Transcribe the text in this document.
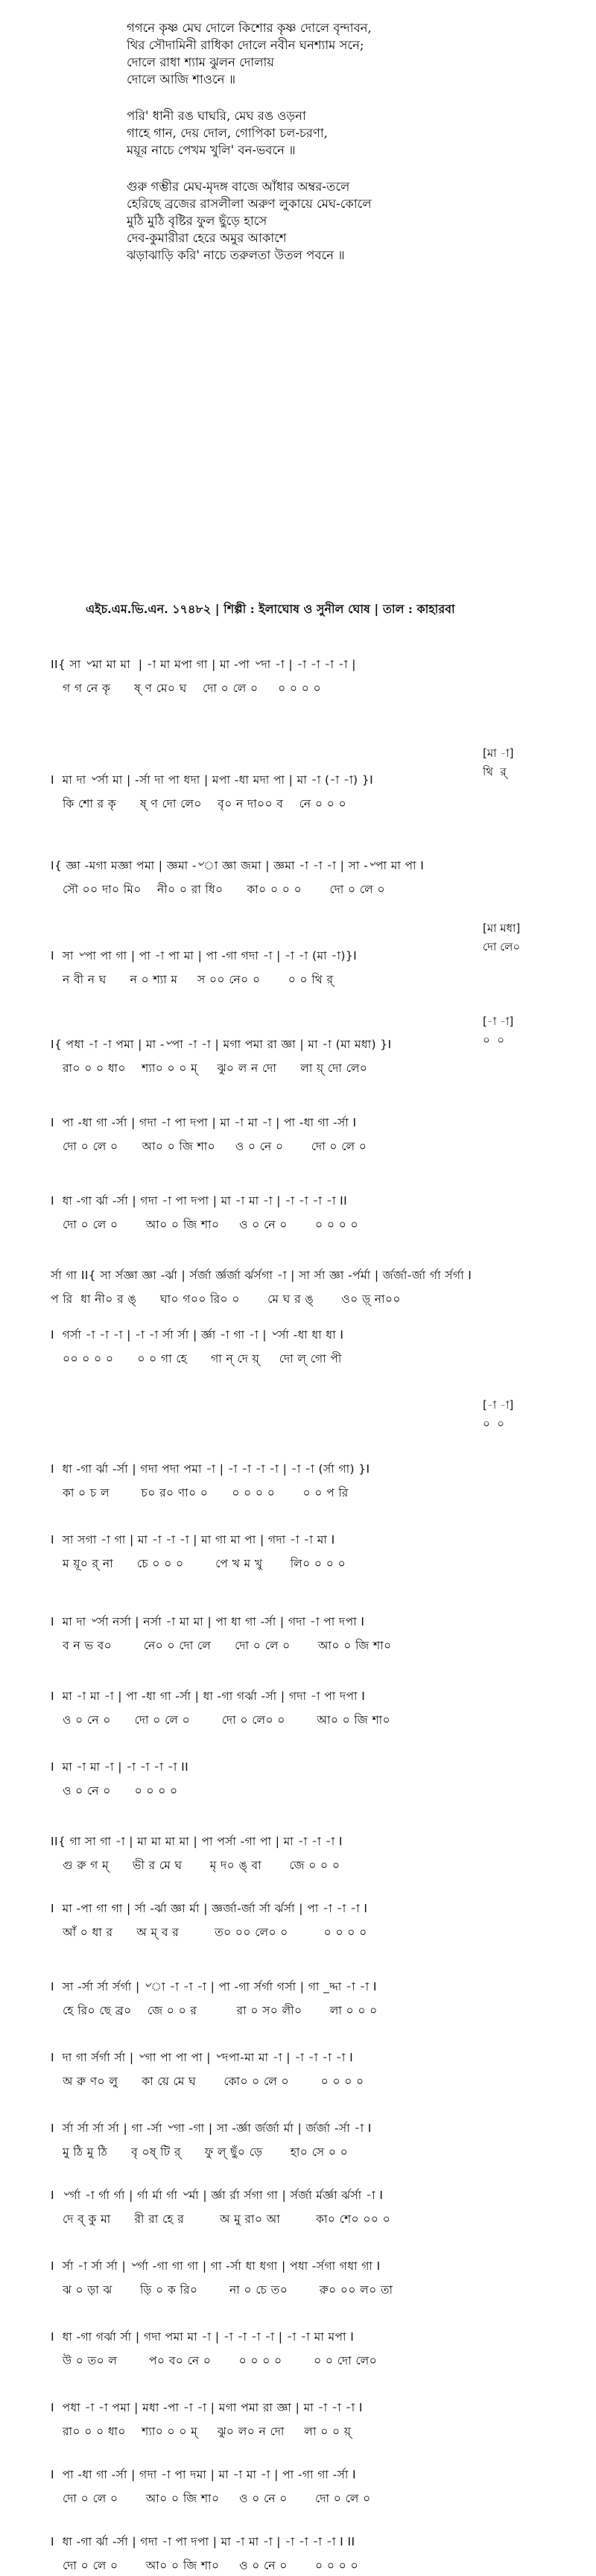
গগনে কৃষ্ণ মেঘ দোলে কিশোর কৃষ্ণ দোলে বৃন্দাবন,
থির সৌদামিনী রাধিকা দোলে নবীন ঘনশ্যাম সনে;
দোলে রাধা শ্যাম ঝুলন দোলায়
দোলে আজি শাওনে ॥
পরি' ধানী রঙ ঘাঘরি, মেঘ রঙ ওড়না
গাহে গান, দেয় দোল, গোপিকা চল-চরণা,
ময়ূর নাচে পেখম খুলি' বন-ভবনে ॥
গুরু গম্ভীর মেঘ-মৃদঙ্গ বাজে আঁধার অম্বর-তলে
হেরিছে ব্রজের রাসলীলা অরুণ লুকায়ে মেঘ-কোলে
মুঠি মুঠি বৃষ্টির ফুল ছুঁড়ে হাসে
দেব-কুমারীরা হেরে অমুর আকাশে
ঝড়াঝাড়ি করি' নাচে তরুলতা উতল পবনে ॥
এইচ.এম.ভি.এন. ১৭৪৮২ | শিল্পী : ইলাঘোষ ও সুনীল ঘোষ | তাল : কাহারবা
II{ সা ৺মা মা মা  | -া মা মপা গা | মা -পা ৺দা -া | -া -া -া -া |
গ গ নে কৃ      ষ্ ণ মে০ ঘ    দো ০ লে ০     ০ ০ ০ ০
[মা -া]
থি  র্
I  মা দা ৺র্সা মা | -র্সা দা পা ধদা | মপা -ধা মদা পা | মা -া (-া -া) }I
কি শো র কৃ      ষ্ ণ দো লে০    বৃ০ ন দা০০ ব    নে ০ ০ ০
I{ জ্ঞা -মগা মজ্ঞা পমা | জ্ঞমা -৺া জ্ঞা জমা | জ্ঞমা -া -া -া | সা -৺পা মা পা I
সৌ ০০ দা০ মি০    নী০ ০ রা ধি০      কা০ ০ ০ ০       দো ০ লে ০
[মা মধা]
দো লে০
I  সা ৺পা পা গা | পা -া পা মা | পা -গা গদা -া | -া -া (মা -া)}I
ন বী ন ঘ      ন ০ শ্যা ম     স ০০ নে০ ০       ০ ০ থি র্
[-া -া]
০  ০
I{ পধা -া -া পমা | মা -৺পা -া -া | মগা পমা রা জ্ঞা | মা -া (মা মধা) }I
রা০ ০ ০ ধা০    শ্যা০ ০ ০ ম্     ঝু০ ল ন দো      লা য়্ দো লে০
I  পা -ধা গা -র্সা | গদা -া পা দপা | মা -া মা -া | পা -ধা গা -র্সা I
দো ০ লে ০      আ০ ০ জি শা০     ও ০ নে ০       দো ০ লে ০
I  ধা -গা র্ঝা -র্সা | গদা -া পা দপা | মা -া মা -া | -া -া -া -া II
দো ০ লে ০       আ০ ০ জি শা০     ও ০ নে ০       ০ ০ ০ ০
র্সা গা II{ সা র্সজ্ঞা জ্ঞা -র্ঝা | র্সর্জা র্জ্ঞর্জা র্ঝর্সগা -া | সা র্সা জ্ঞা -র্পর্মা | র্জর্জা-র্জা র্গা র্সর্গা I
প রি  ধা নী০ র ঙ্      ঘা০ গ০০ রি০ ০       মে ঘ র ঙ্       ও০ ড়্ না০০
I  গর্সা -া -া -া | -া -া র্সা র্সা | র্জ্ঞা -া গা -া | ৺র্সা -ধা ধা ধা I
০০ ০ ০ ০      ০ ০ গা হে      গা ন্ দে য়্     দো ল্ গো পী
[-া -া]
০  ০
I  ধা -গা র্ঝা -র্সা | গদা পদা পমা -া | -া -া -া -া | -া -া (র্সা গা) }I
কা ০ চ ল        চ০ র০ ণা০ ০      ০ ০ ০ ০       ০ ০ প রি
I  সা সগা -া গা | মা -া -া -া | মা গা মা পা | গদা -া -া মা I
ম য়ূ০ র্ না      চে ০ ০ ০        পে খ ম খু       লি০ ০ ০ ০
I  মা দা ৺র্সা নর্সা | নর্সা -া মা মা | পা ধা গা -র্সা | গদা -া পা দপা I
ব ন ভ ব০        নে০ ০ দো লে      দো ০ লে ০       আ০ ০ জি শা০
I  মা -া মা -া | পা -ধা গা -র্সা | ধা -গা গর্ঝা -র্সা | গদা -া পা দপা I
ও ০ নে ০      দো ০ লে ০        দো ০ লে০ ০        আ০ ০ জি শা০
I  মা -া মা -া | -া -া -া -া II
ও ০ নে ০      ০ ০ ০ ০
II{ গা সা গা -া | মা মা মা মা | পা পর্সা -গা পা | মা -া -া -া I
গু রু গ ম্      ভী র মে ঘ       মৃ দ০ ঙ্ বা       জে ০ ০ ০
I  মা -পা গা গা | র্সা -র্ঝা জ্ঞা র্মা | জ্ঞর্জা-র্জা র্সা র্ঝর্সা | পা -া -া -া I
আঁ ০ ধা র      অ ম্ ব র         ত০ ০০ লে০ ০         ০ ০ ০ ০
I  সা -র্সা র্সা র্সর্গা | ৺া -া -া -া | পা -গা র্সর্গা গর্সা | গা _দ্দা -া -া I
হে রি০ ছে ব্র০    জে ০ ০ র          রা ০ স০ লী০       লা ০ ০ ০
I  দা গা র্সর্গা র্সা | ৺গা পা পা পা | ৺দপা-মা মা -া | -া -া -া -া I
অ রু ণ০ লু      কা য়ে মে ঘ       কো০ ০ লে ০        ০ ০ ০ ০
I  র্সা র্সা র্সা র্সা | গা -র্সা ৺গা -গা | সা -র্জ্ঞা র্জর্জা র্মা | র্জর্জা -র্সা -া I
মু ঠি মু ঠি      বৃ ০ষ্ টি র্      ফু ল্ ছুঁ০ ড়ে       হা০ সে ০ ০
I  ৺র্গা -া র্গা র্গা | র্গা র্মা র্গা ৺র্মা | র্জ্ঞা র্রা র্সগা গা | র্সর্জা র্মর্জ্ঞা র্ঝর্সা -া I
দে ব্ কু মা      রী রা হে র         অ মু রা০ আ         কা০ শে০ ০০ ০
I  র্সা -া র্সা র্সা | ৺র্গা -গা গা গা | গা -র্সা ধা ধগা | পধা -র্সগা গধা গা I
ঝ ০ ড়া ঝ       ড়ি ০ ক রি০        না ০ চে ত০        রু০ ০০ ল০ তা
I  ধা -গা গর্ঝা র্সা | গদা পমা মা -া | -া -া -া -া | -া -া মা মপা I
উ ০ ত০ ল        প০ ব০ নে ০       ০ ০ ০ ০        ০ ০ দো লে০
I  পধা -া -া পমা | মধা -পা -া -া | মগা পমা রা জ্ঞা | মা -া -া -া I
রা০ ০ ০ ধা০    শ্যা০ ০ ০ ম্     ঝু০ ল০ ন দো     লা ০ ০ য়্
I  পা -ধা গা -র্সা | গদা -া পা দমা | মা -া মা -া | পা -গা গা -র্সা I
দো ০ লে ০       আ০ ০ জি শা০     ও ০ নে ০       দো ০ লে ০
I  ধা -গা র্ঝা -র্সা | গদা -া পা দপা | মা -া মা -া | -া -া -া -া I II
দো ০ লে ০       আ০ ০ জি শা০     ও ০ নে ০       ০ ০ ০ ০
